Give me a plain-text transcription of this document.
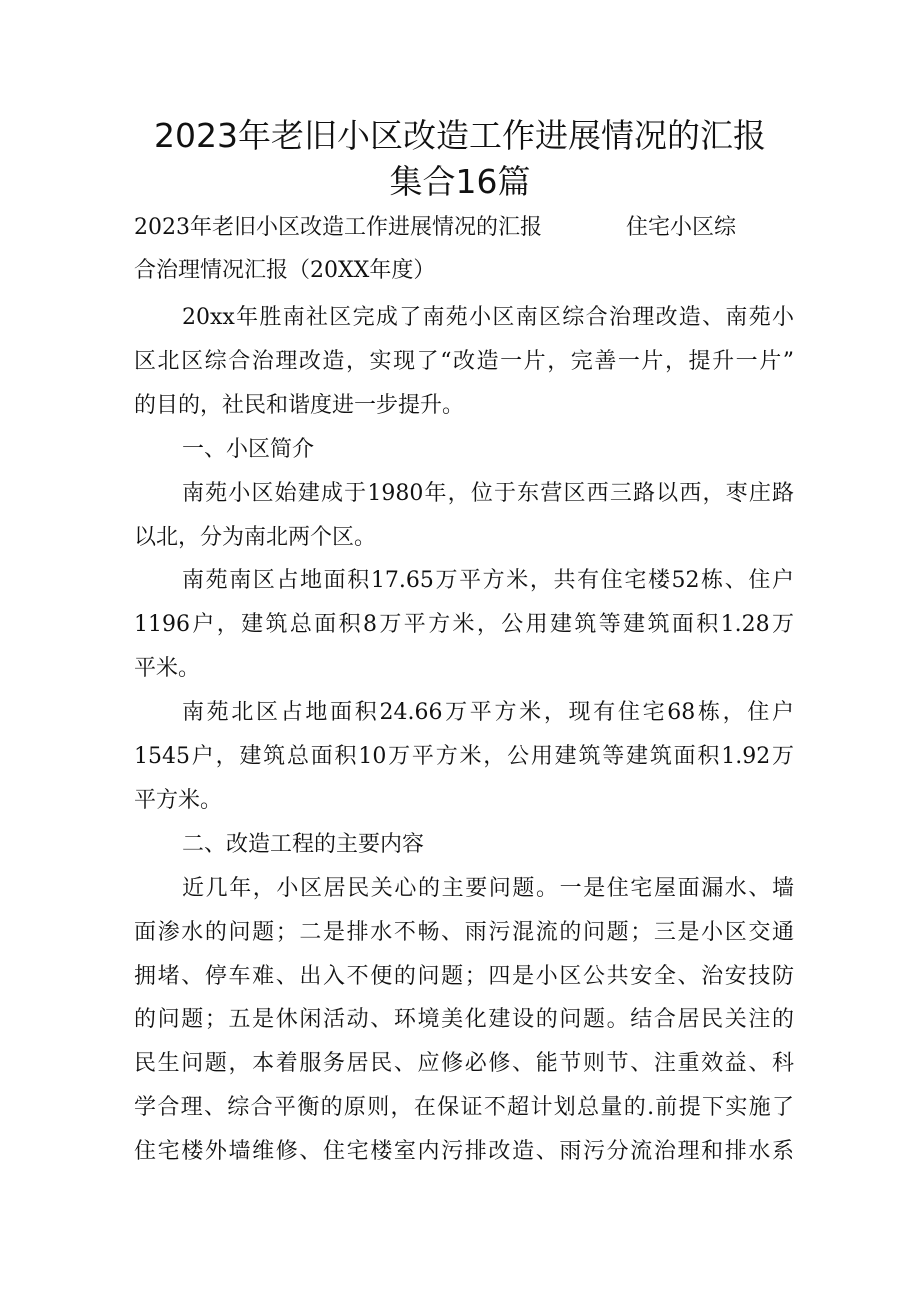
2023年老旧小区改造工作进展情况的汇报
集合16篇
2023年老旧小区改造工作进展情况的汇报	住宅小区综
合治理情况汇报（20XX年度）
20xx年胜南社区完成了南苑小区南区综合治理改造、南苑小
区北区综合治理改造，实现了“改造一片，完善一片，提升一片”
的目的，社民和谐度进一步提升。
一、小区简介
南苑小区始建成于1980年，位于东营区西三路以西，枣庄路
以北，分为南北两个区。
南苑南区占地面积17.65万平方米，共有住宅楼52栋、住户
1196户，建筑总面积8万平方米，公用建筑等建筑面积1.28万
平米。
南苑北区占地面积24.66万平方米，现有住宅68栋，住户
1545户，建筑总面积10万平方米，公用建筑等建筑面积1.92万
平方米。
二、改造工程的主要内容
近几年，小区居民关心的主要问题。一是住宅屋面漏水、墙
面渗水的问题；二是排水不畅、雨污混流的问题；三是小区交通
拥堵、停车难、出入不便的问题；四是小区公共安全、治安技防
的问题；五是休闲活动、环境美化建设的问题。结合居民关注的
民生问题，本着服务居民、应修必修、能节则节、注重效益、科
学合理、综合平衡的原则，在保证不超计划总量的.前提下实施了
住宅楼外墙维修、住宅楼室内污排改造、雨污分流治理和排水系
